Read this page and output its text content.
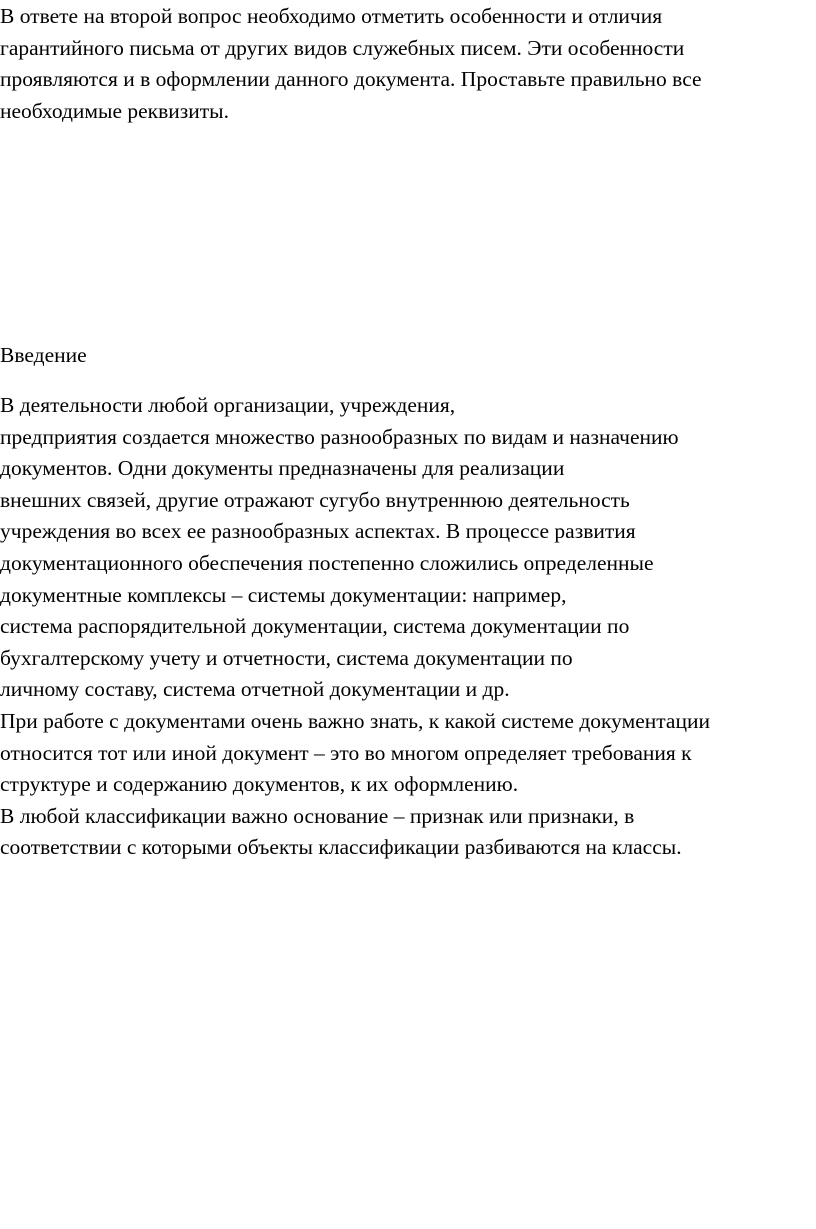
В ответе на второй вопрос необходимо отметить особенности и отличия
гарантийного письма от других видов служебных писем. Эти особенности
проявляются и в оформлении данного документа. Проставьте правильно все
необходимые реквизиты.
Введение
В деятельности любой организации, учреждения,
предприятия создается множество разнообразных по видам и назначению
документов. Одни документы предназначены для реализации
внешних связей, другие отражают сугубо внутреннюю деятельность
учреждения во всех ее разнообразных аспектах. В процессе развития
документационного обеспечения постепенно сложились определенные
документные комплексы – системы документации: например,
система распорядительной документации, система документации по
бухгалтерскому учету и отчетности, система документации по
личному составу, система отчетной документации и др.
При работе с документами очень важно знать, к какой системе документации
относится тот или иной документ – это во многом определяет требования к
структуре и содержанию документов, к их оформлению.
В любой классификации важно основание – признак или признаки, в
соответствии с которыми объекты классификации разбиваются на классы.
